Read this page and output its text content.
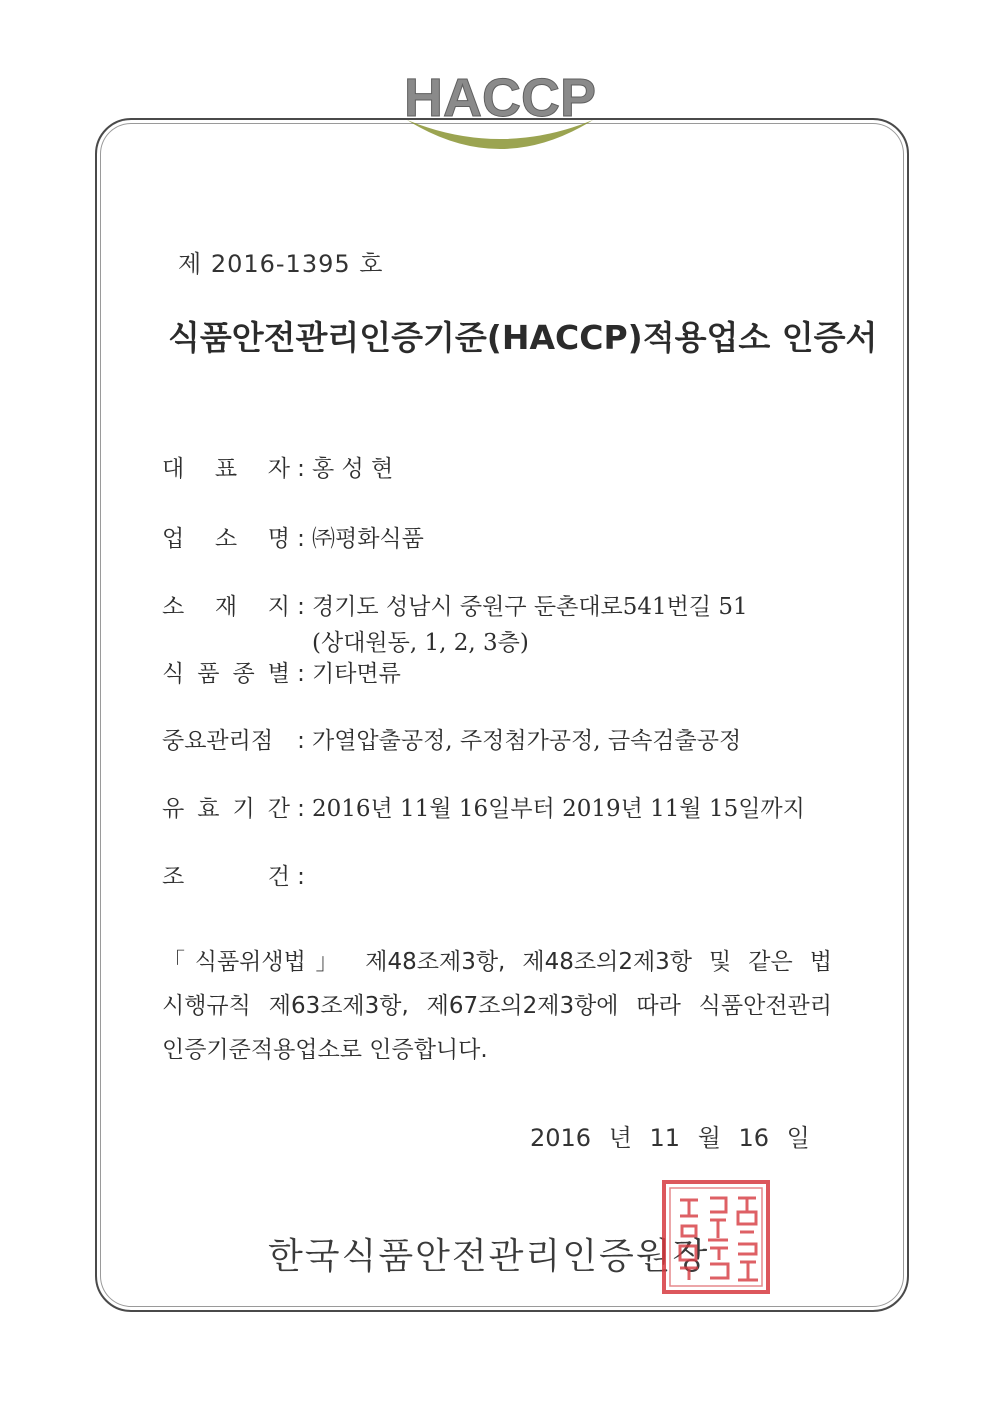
HACCP
제 2016-1395 호
식품안전관리인증기준(HACCP)적용업소 인증서
대 표 자 : 홍 성 현
업 소 명 : ㈜평화식품
소 재 지 : 경기도 성남시 중원구 둔촌대로541번길 51
(상대원동, 1, 2, 3층)
식 품 종 별 : 기타면류
중요관리점 : 가열압출공정, 주정첨가공정, 금속검출공정
유 효 기 간 : 2016년 11월 16일부터 2019년 11월 15일까지
조 건 :
「식품위생법」 제48조제3항, 제48조의2제3항 및 같은 법
시행규칙 제63조제3항, 제67조의2제3항에 따라 식품안전관리
인증기준적용업소로 인증합니다.
2016 년 11 월 16 일
한국식품안전관리인증원장
